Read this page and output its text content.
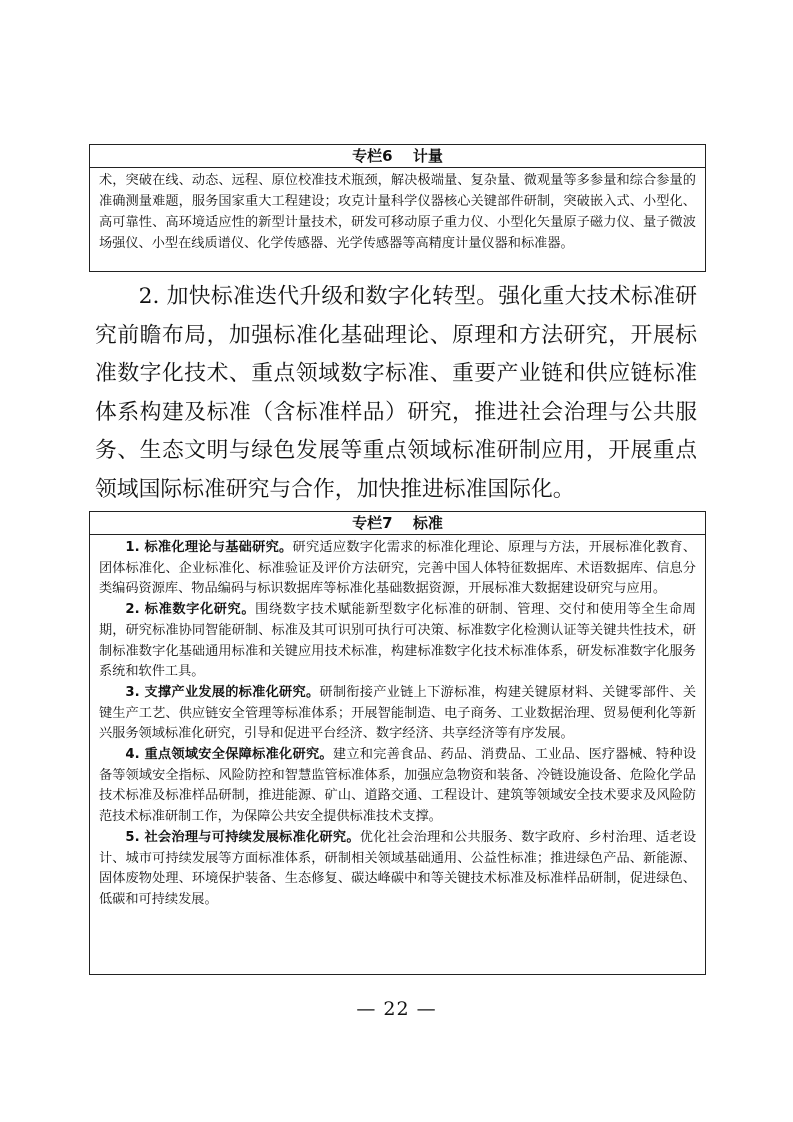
专栏6　 计量

术，突破在线、动态、远程、原位校准技术瓶颈，解决极端量、复杂量、微观量等多参量和综合参量的准确测量难题，服务国家重大工程建设；攻克计量科学仪器核心关键部件研制，突破嵌入式、小型化、高可靠性、高环境适应性的新型计量技术，研发可移动原子重力仪、小型化矢量原子磁力仪、量子微波场强仪、小型在线质谱仪、化学传感器、光学传感器等高精度计量仪器和标准器。

2. 加快标准迭代升级和数字化转型。强化重大技术标准研究前瞻布局，加强标准化基础理论、原理和方法研究，开展标准数字化技术、重点领域数字标准、重要产业链和供应链标准体系构建及标准（含标准样品）研究，推进社会治理与公共服务、生态文明与绿色发展等重点领域标准研制应用，开展重点领域国际标准研究与合作，加快推进标准国际化。

专栏7　 标准

1. 标准化理论与基础研究。研究适应数字化需求的标准化理论、原理与方法，开展标准化教育、团体标准化、企业标准化、标准验证及评价方法研究，完善中国人体特征数据库、术语数据库、信息分类编码资源库、物品编码与标识数据库等标准化基础数据资源，开展标准大数据建设研究与应用。

2. 标准数字化研究。围绕数字技术赋能新型数字化标准的研制、管理、交付和使用等全生命周期，研究标准协同智能研制、标准及其可识别可执行可决策、标准数字化检测认证等关键共性技术，研制标准数字化基础通用标准和关键应用技术标准，构建标准数字化技术标准体系，研发标准数字化服务系统和软件工具。

3. 支撑产业发展的标准化研究。研制衔接产业链上下游标准，构建关键原材料、关键零部件、关键生产工艺、供应链安全管理等标准体系；开展智能制造、电子商务、工业数据治理、贸易便利化等新兴服务领域标准化研究，引导和促进平台经济、数字经济、共享经济等有序发展。

4. 重点领域安全保障标准化研究。建立和完善食品、药品、消费品、工业品、医疗器械、特种设备等领域安全指标、风险防控和智慧监管标准体系，加强应急物资和装备、冷链设施设备、危险化学品技术标准及标准样品研制，推进能源、矿山、道路交通、工程设计、建筑等领域安全技术要求及风险防范技术标准研制工作，为保障公共安全提供标准技术支撑。

5. 社会治理与可持续发展标准化研究。优化社会治理和公共服务、数字政府、乡村治理、适老设计、城市可持续发展等方面标准体系，研制相关领域基础通用、公益性标准；推进绿色产品、新能源、固体废物处理、环境保护装备、生态修复、碳达峰碳中和等关键技术标准及标准样品研制，促进绿色、低碳和可持续发展。

— 22 —
